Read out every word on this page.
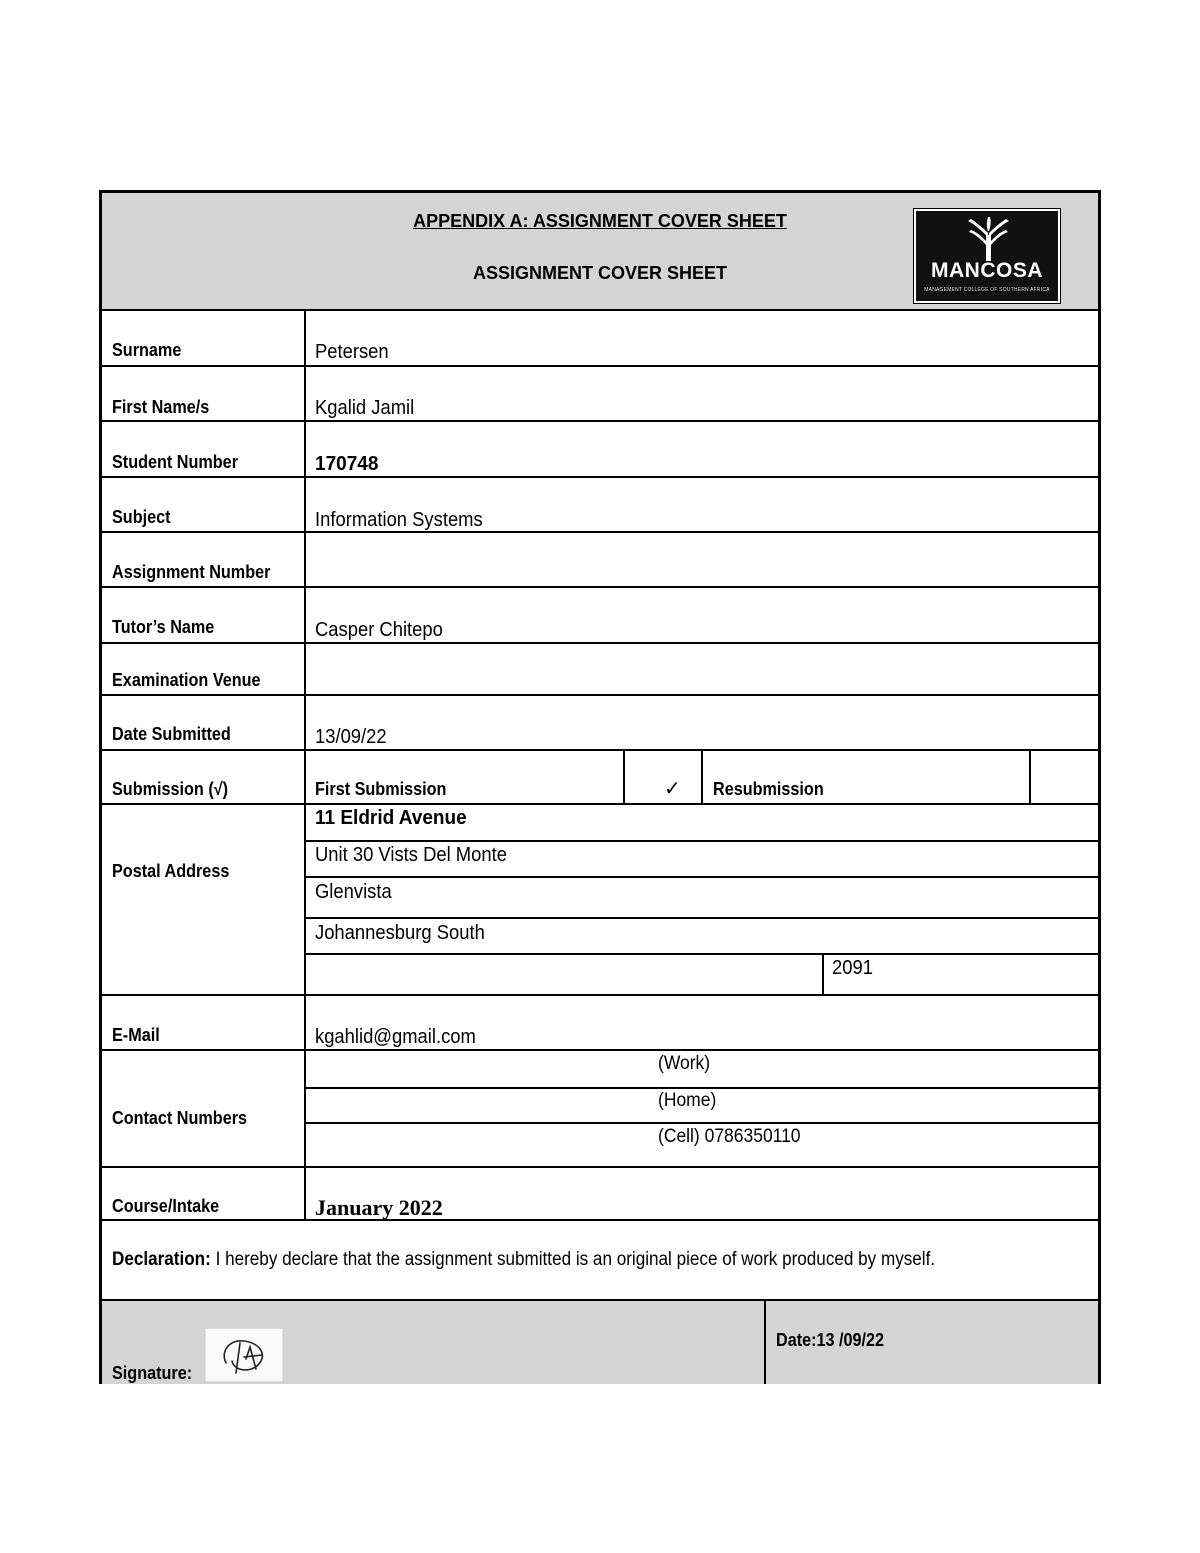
APPENDIX A: ASSIGNMENT COVER SHEET
ASSIGNMENT COVER SHEET	MANCOSA
MANAGEMENT COLLEGE OF SOUTHERN AFRICA
Surname
First Name/s
Student Number
Subject
Assignment Number
Tutor’s Name
Examination Venue
Date Submitted
Submission (√)
Postal Address
E-Mail
Contact Numbers
Course/Intake
Petersen
Kgalid Jamil
170748
Information Systems
Casper Chitepo
13/09/22
First Submission	✓ Resubmission
11 Eldrid Avenue
Unit 30 Vists Del Monte
Glenvista
Johannesburg South
2091
kgahlid@gmail.com
(Work)
(Home)
(Cell) 0786350110
January 2022
Declaration: I hereby declare that the assignment submitted is an original piece of work produced by myself.
Signature:
Date:13 /09/22
